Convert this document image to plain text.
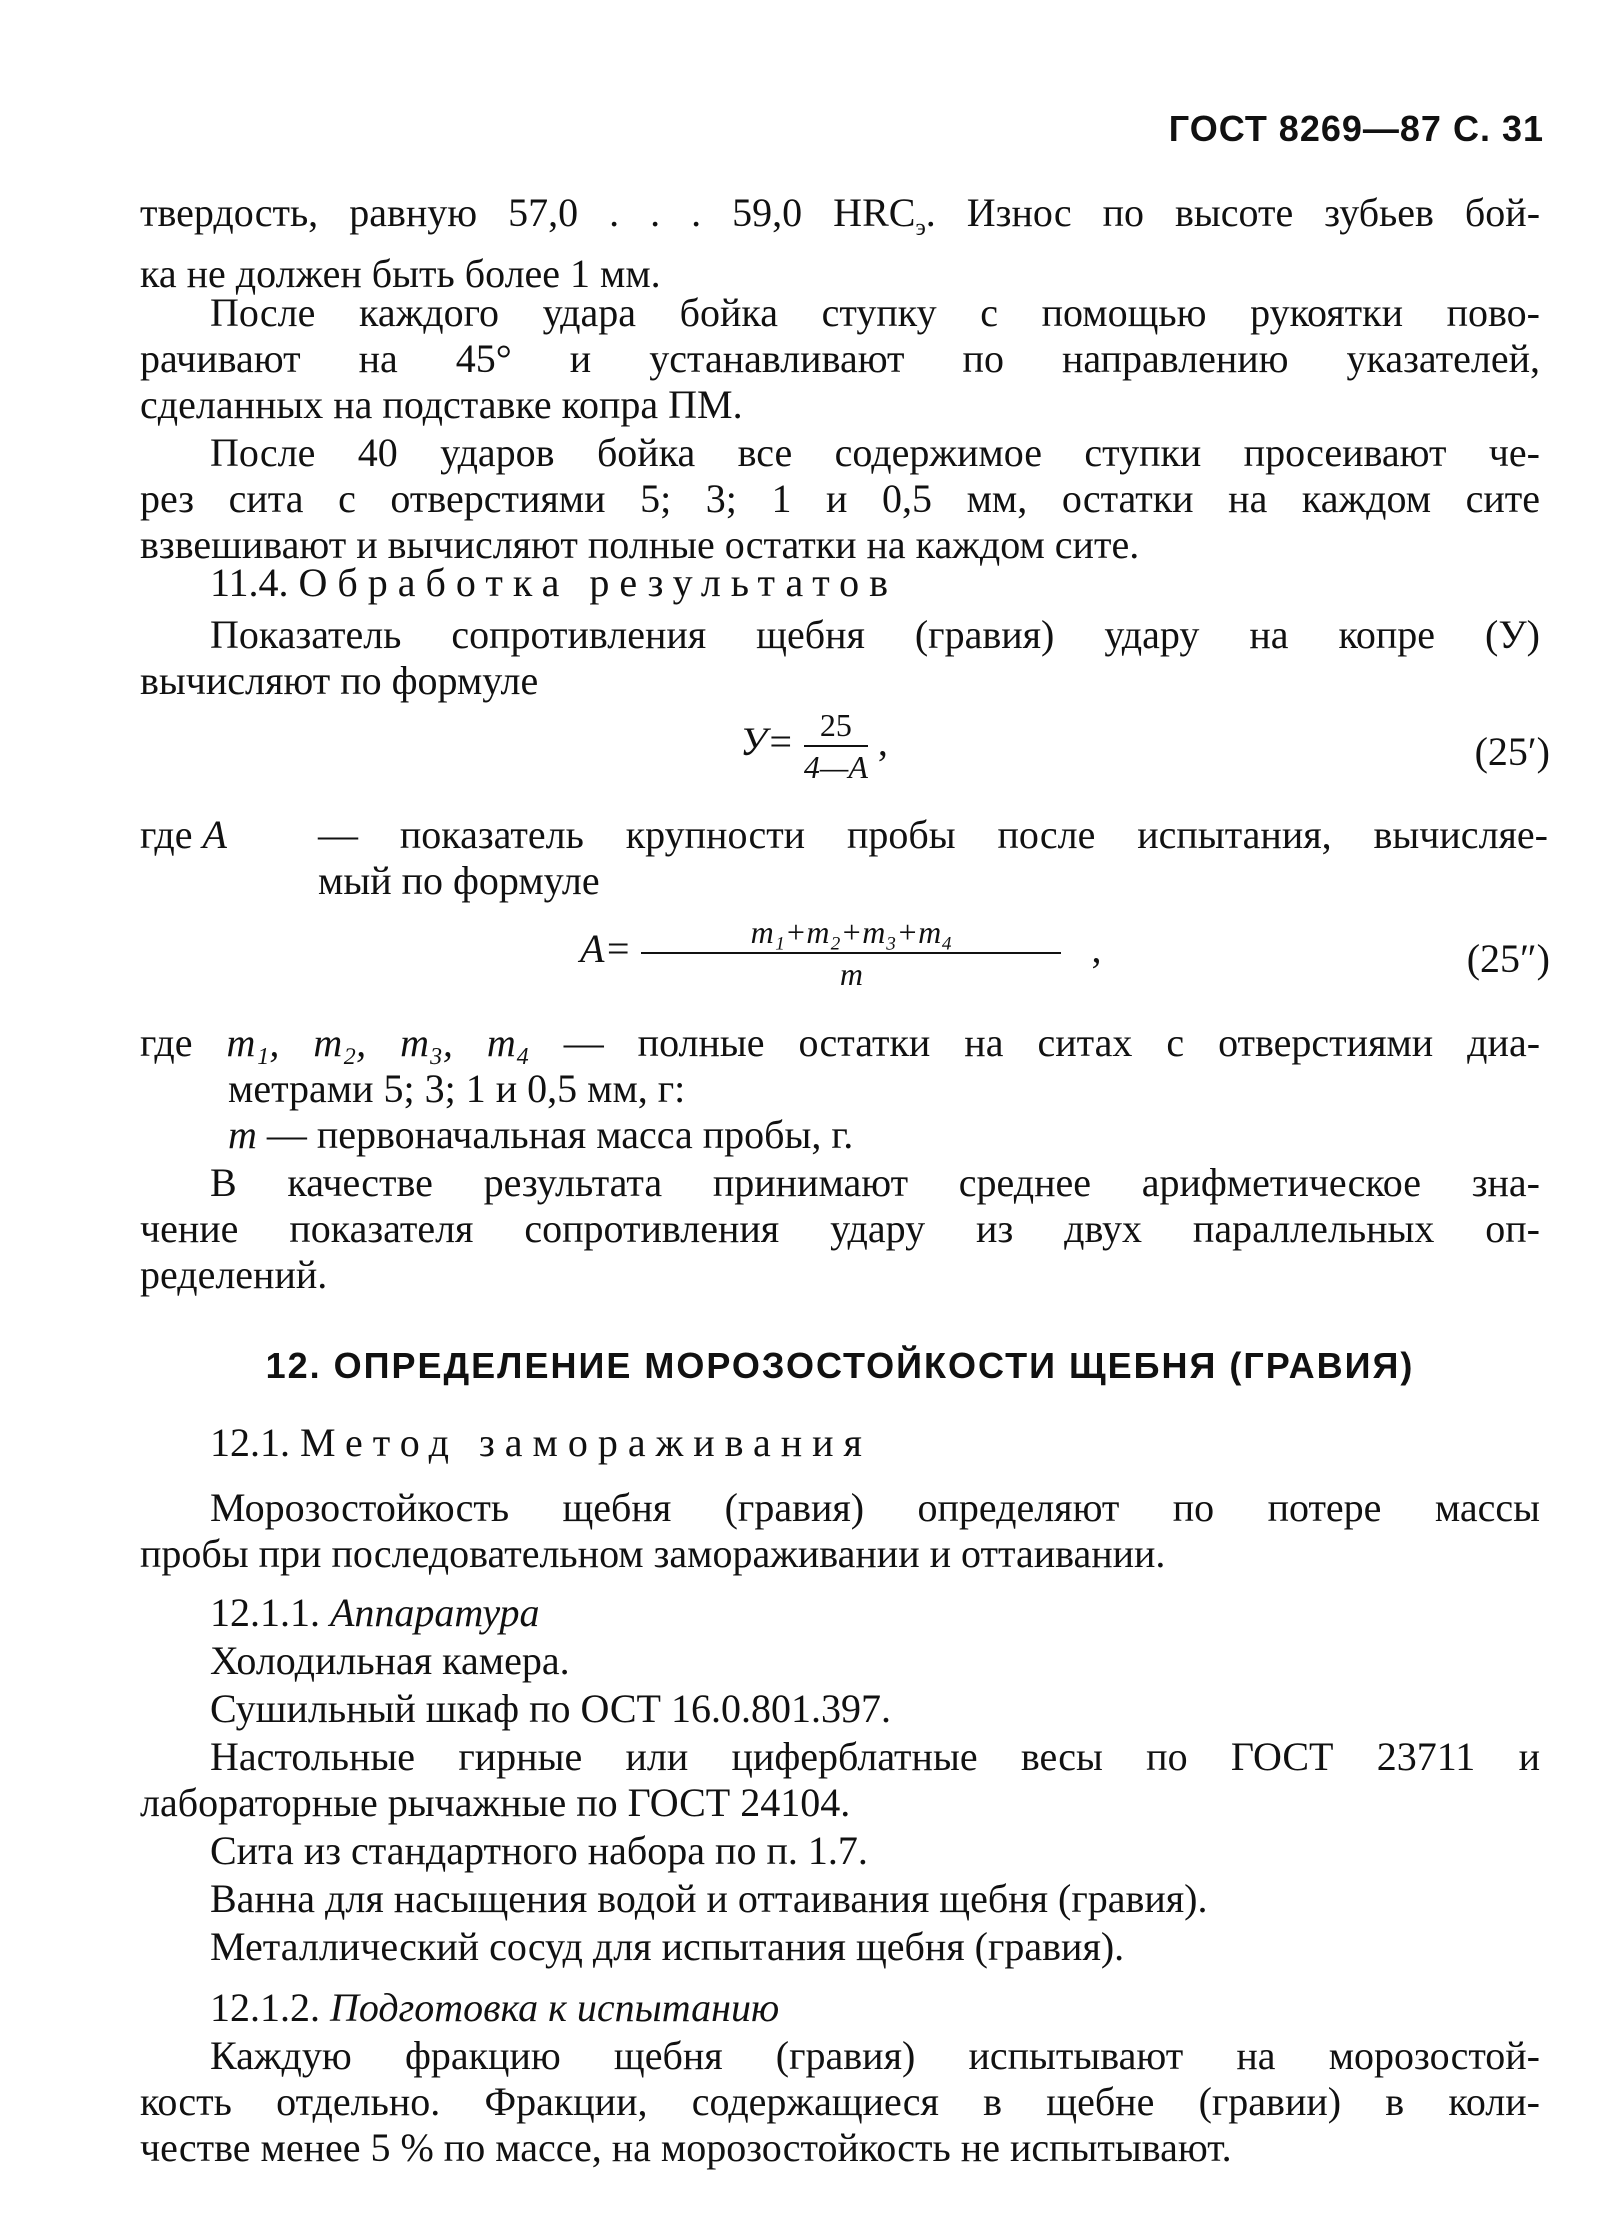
ГОСТ 8269—87 С. 31
твердость, равную 57,0 . . . 59,0 $HRC_э$. Износ по высоте зубьев бой-
ка не должен быть более 1 мм.
После каждого удара бойка ступку с помощью рукоятки пово-
рачивают на 45° и устанавливают по направлению указателей,
сделанных на подставке копра ПМ.
После 40 ударов бойка все содержимое ступки просеивают че-
рез сита с отверстиями 5; 3; 1 и 0,5 мм, остатки на каждом сите
взвешивают и вычисляют полные остатки на каждом сите.
11.4. Обработка результатов
Показатель сопротивления щебня (гравия) удару на копре (У)
вычисляют по формуле
$У= \frac{25}{4—A}$ ,	(25′)
где A — показатель крупности пробы после испытания, вычисляе-
мый по формуле
$A= \frac{\text{m₁+m₂+m₃+m₄}}{m}$ ,	(25″)
где m₁, m₂, m₃, m₄ — полные остатки на ситах с отверстиями диа-
метрами 5; 3; 1 и 0,5 мм, г:
m — первоначальная масса пробы, г.
В качестве результата принимают среднее арифметическое зна-
чение показателя сопротивления удару из двух параллельных оп-
ределений.
12. ОПРЕДЕЛЕНИЕ МОРОЗОСТОЙКОСТИ ЩЕБНЯ (ГРАВИЯ)
12.1. Метод замораживания
Морозостойкость щебня (гравия) определяют по потере массы
пробы при последовательном замораживании и оттаивании.
12.1.1. Аппаратура
Холодильная камера.
Сушильный шкаф по ОСТ 16.0.801.397.
Настольные гирные или циферблатные весы по ГОСТ 23711 и
лабораторные рычажные по ГОСТ 24104.
Сита из стандартного набора по п. 1.7.
Ванна для насыщения водой и оттаивания щебня (гравия).
Металлический сосуд для испытания щебня (гравия).
12.1.2. Подготовка к испытанию
Каждую фракцию щебня (гравия) испытывают на морозостой-
кость отдельно. Фракции, содержащиеся в щебне (гравии) в коли-
честве менее 5 % по массе, на морозостойкость не испытывают.
